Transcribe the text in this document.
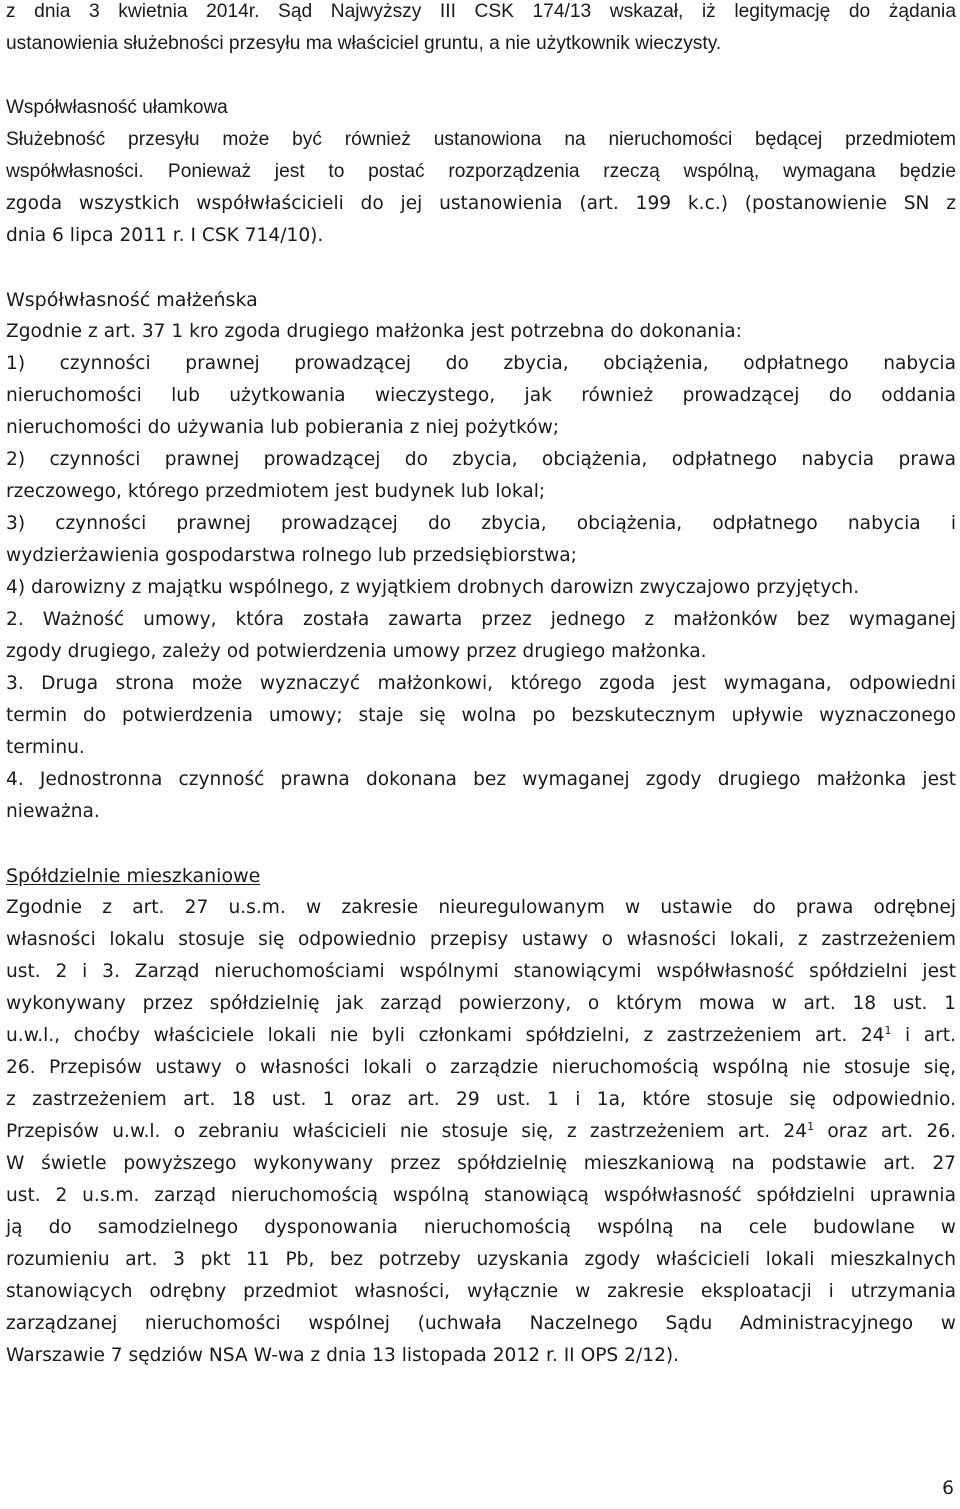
z dnia 3 kwietnia 2014r. Sąd Najwyższy III CSK 174/13 wskazał, iż legitymację do żądania
ustanowienia służebności przesyłu ma właściciel gruntu, a nie użytkownik wieczysty.
Współwłasność ułamkowa
Służebność przesyłu może być również ustanowiona na nieruchomości będącej przedmiotem
współwłasności. Ponieważ jest to postać rozporządzenia rzeczą wspólną, wymagana będzie
zgoda wszystkich współwłaścicieli do jej ustanowienia (art. 199 k.c.) (postanowienie SN z
dnia 6 lipca 2011 r. I CSK 714/10).
Współwłasność małżeńska
Zgodnie z art. 37 1 kro zgoda drugiego małżonka jest potrzebna do dokonania:
1) czynności prawnej prowadzącej do zbycia, obciążenia, odpłatnego nabycia
nieruchomości lub użytkowania wieczystego, jak również prowadzącej do oddania
nieruchomości do używania lub pobierania z niej pożytków;
2) czynności prawnej prowadzącej do zbycia, obciążenia, odpłatnego nabycia prawa
rzeczowego, którego przedmiotem jest budynek lub lokal;
3) czynności prawnej prowadzącej do zbycia, obciążenia, odpłatnego nabycia i
wydzierżawienia gospodarstwa rolnego lub przedsiębiorstwa;
4) darowizny z majątku wspólnego, z wyjątkiem drobnych darowizn zwyczajowo przyjętych.
2. Ważność umowy, która została zawarta przez jednego z małżonków bez wymaganej
zgody drugiego, zależy od potwierdzenia umowy przez drugiego małżonka.
3. Druga strona może wyznaczyć małżonkowi, którego zgoda jest wymagana, odpowiedni
termin do potwierdzenia umowy; staje się wolna po bezskutecznym upływie wyznaczonego
terminu.
4. Jednostronna czynność prawna dokonana bez wymaganej zgody drugiego małżonka jest
nieważna.
Spółdzielnie mieszkaniowe
Zgodnie z art. 27 u.s.m. w zakresie nieuregulowanym w ustawie do prawa odrębnej
własności lokalu stosuje się odpowiednio przepisy ustawy o własności lokali, z zastrzeżeniem
ust. 2 i 3. Zarząd nieruchomościami wspólnymi stanowiącymi współwłasność spółdzielni jest
wykonywany przez spółdzielnię jak zarząd powierzony, o którym mowa w art. 18 ust. 1
u.w.l., choćby właściciele lokali nie byli członkami spółdzielni, z zastrzeżeniem art. $24^1$ i art.
26. Przepisów ustawy o własności lokali o zarządzie nieruchomością wspólną nie stosuje się,
z zastrzeżeniem art. 18 ust. 1 oraz art. 29 ust. 1 i 1a, które stosuje się odpowiednio.
Przepisów u.w.l. o zebraniu właścicieli nie stosuje się, z zastrzeżeniem art. $24^1$ oraz art. 26.
W świetle powyższego wykonywany przez spółdzielnię mieszkaniową na podstawie art. 27
ust. 2 u.s.m. zarząd nieruchomością wspólną stanowiącą współwłasność spółdzielni uprawnia
ją do samodzielnego dysponowania nieruchomością wspólną na cele budowlane w
rozumieniu art. 3 pkt 11 Pb, bez potrzeby uzyskania zgody właścicieli lokali mieszkalnych
stanowiących odrębny przedmiot własności, wyłącznie w zakresie eksploatacji i utrzymania
zarządzanej nieruchomości wspólnej (uchwała Naczelnego Sądu Administracyjnego w
Warszawie 7 sędziów NSA W-wa z dnia 13 listopada 2012 r. II OPS 2/12).
6
